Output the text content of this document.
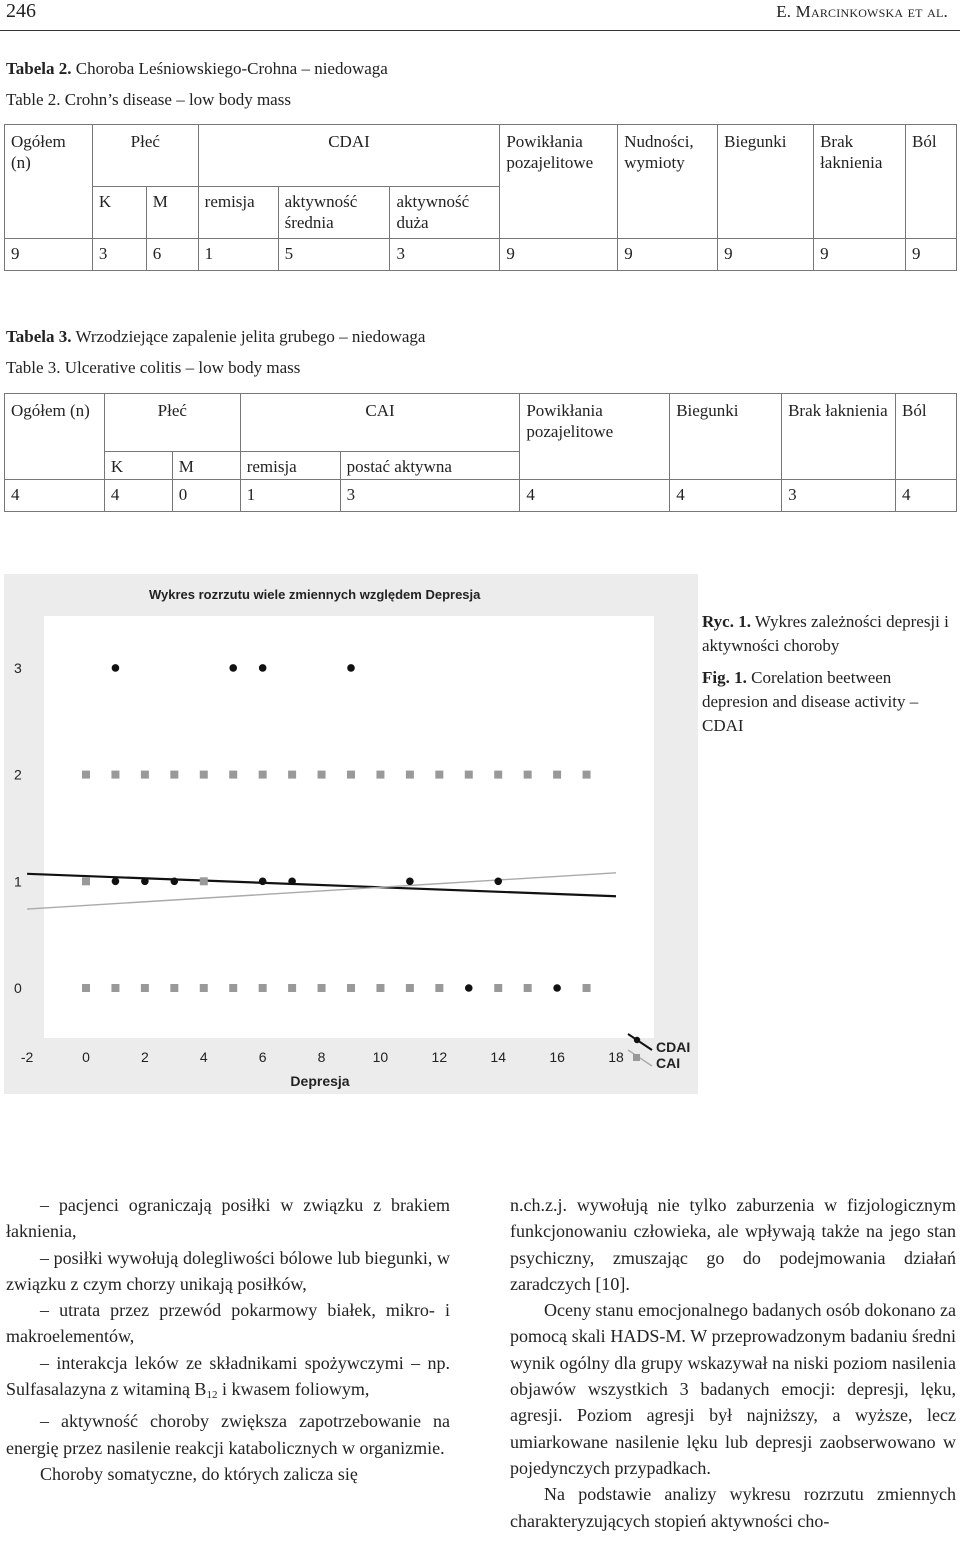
246	E. Marcinkowska et al.
Tabela 2. Choroba Leśniowskiego-Crohna – niedowaga
Table 2. Crohn’s disease – low body mass
Ogółem (n)	Płeć		CDAI			Powikłania pozajelitowe	Nudności, wymioty	Biegunki	Brak łaknienia	Ból
	K	M	remisja	aktywność średnia	aktywność duża					
9	3	6	1	5	3	9	9	9	9	9
Tabela 3. Wrzodziejące zapalenie jelita grubego – niedowaga
Table 3. Ulcerative colitis – low body mass
Ogółem (n)	Płeć		CAI		Powikłania pozajelitowe	Biegunki	Brak łaknienia	Ból
	K	M	remisja	postać aktywna				
4	4	0	1	3	4	4	3	4
Wykres rozrzutu wiele zmiennych względem Depresja
Depresja
0
1
2
3
-2	0	2	4	6	8	10	12	14	16	18
CDAI
CAI
Ryc. 1. Wykres zależności depresji i aktywności choroby
Fig. 1. Corelation beetween depresion and disease activity – CDAI

– pacjenci ograniczają posiłki w związku z brakiem łaknienia,

– posiłki wywołują dolegliwości bólowe lub biegunki, w związku z czym chorzy unikają posiłków,

– utrata przez przewód pokarmowy białek, mikro- i makroelementów,

– interakcja leków ze składnikami spożywczymi – np. Sulfasalazyna z witaminą $B_{12}$ i kwasem foliowym,

– aktywność choroby zwiększa zapotrzebowanie na energię przez nasilenie reakcji katabolicznych w organizmie.

Choroby somatyczne, do których zalicza się

n.ch.z.j. wywołują nie tylko zaburzenia w fizjologicznym funkcjonowaniu człowieka, ale wpływają także na jego stan psychiczny, zmuszając go do podejmowania działań zaradczych [10].

Oceny stanu emocjonalnego badanych osób dokonano za pomocą skali HADS-M. W przeprowadzonym badaniu średni wynik ogólny dla grupy wskazywał na niski poziom nasilenia objawów wszystkich 3 badanych emocji: depresji, lęku, agresji. Poziom agresji był najniższy, a wyższe, lecz umiarkowane nasilenie lęku lub depresji zaobserwowano w pojedynczych przypadkach.

Na podstawie analizy wykresu rozrzutu zmiennych charakteryzujących stopień aktywności cho-
